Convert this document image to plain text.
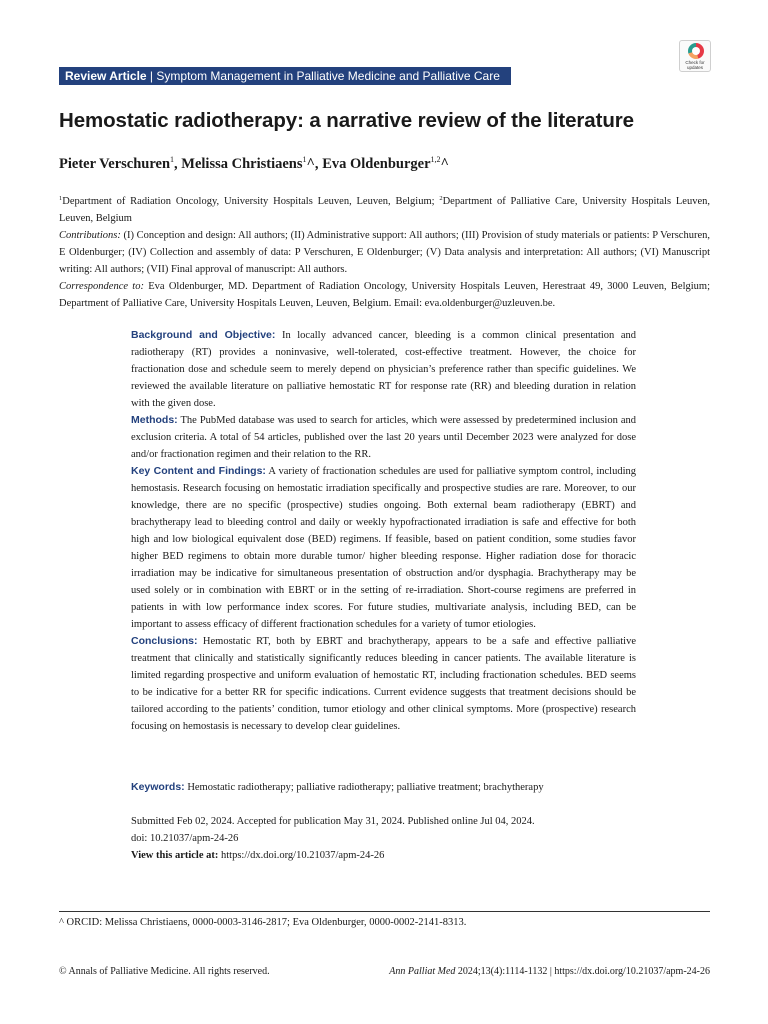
Review Article | Symptom Management in Palliative Medicine and Palliative Care
Check for updates
Hemostatic radiotherapy: a narrative review of the literature
Pieter Verschuren$^1$, Melissa Christiaens$^1$^, Eva Oldenburger$^{1,2}$^

$^1$Department of Radiation Oncology, University Hospitals Leuven, Leuven, Belgium; $^2$Department of Palliative Care, University Hospitals Leuven, Leuven, Belgium

Contributions: (I) Conception and design: All authors; (II) Administrative support: All authors; (III) Provision of study materials or patients: P Verschuren, E Oldenburger; (IV) Collection and assembly of data: P Verschuren, E Oldenburger; (V) Data analysis and interpretation: All authors; (VI) Manuscript writing: All authors; (VII) Final approval of manuscript: All authors.

Correspondence to: Eva Oldenburger, MD. Department of Radiation Oncology, University Hospitals Leuven, Herestraat 49, 3000 Leuven, Belgium; Department of Palliative Care, University Hospitals Leuven, Leuven, Belgium. Email: eva.oldenburger@uzleuven.be.

Background and Objective: In locally advanced cancer, bleeding is a common clinical presentation and radiotherapy (RT) provides a noninvasive, well-tolerated, cost-effective treatment. However, the choice for fractionation dose and schedule seem to merely depend on physician’s preference rather than specific guidelines. We reviewed the available literature on palliative hemostatic RT for response rate (RR) and bleeding duration in relation with the given dose.

Methods: The PubMed database was used to search for articles, which were assessed by predetermined inclusion and exclusion criteria. A total of 54 articles, published over the last 20 years until December 2023 were analyzed for dose and/or fractionation regimen and their relation to the RR.

Key Content and Findings: A variety of fractionation schedules are used for palliative symptom control, including hemostasis. Research focusing on hemostatic irradiation specifically and prospective studies are rare. Moreover, to our knowledge, there are no specific (prospective) studies ongoing. Both external beam radiotherapy (EBRT) and brachytherapy lead to bleeding control and daily or weekly hypofractionated irradiation is safe and effective for both high and low biological equivalent dose (BED) regimens. If feasible, based on patient condition, some studies favor higher BED regimens to obtain more durable tumor/ higher bleeding response. Higher radiation dose for thoracic irradiation may be indicative for simultaneous presentation of obstruction and/or dysphagia. Brachytherapy may be used solely or in combination with EBRT or in the setting of re-irradiation. Short-course regimens are preferred in patients in with low performance index scores. For future studies, multivariate analysis, including BED, can be important to assess efficacy of different fractionation schedules for a variety of tumor etiologies.

Conclusions: Hemostatic RT, both by EBRT and brachytherapy, appears to be a safe and effective palliative treatment that clinically and statistically significantly reduces bleeding in cancer patients. The available literature is limited regarding prospective and uniform evaluation of hemostatic RT, including fractionation schedules. BED seems to be indicative for a better RR for specific indications. Current evidence suggests that treatment decisions should be tailored according to the patients’ condition, tumor etiology and other clinical symptoms. More (prospective) research focusing on hemostasis is necessary to develop clear guidelines.

Keywords: Hemostatic radiotherapy; palliative radiotherapy; palliative treatment; brachytherapy
Submitted Feb 02, 2024. Accepted for publication May 31, 2024. Published online Jul 04, 2024.
doi: 10.21037/apm-24-26
View this article at: https://dx.doi.org/10.21037/apm-24-26
^ ORCID: Melissa Christiaens, 0000-0003-3146-2817; Eva Oldenburger, 0000-0002-2141-8313.
© Annals of Palliative Medicine. All rights reserved.	Ann Palliat Med 2024;13(4):1114-1132 | https://dx.doi.org/10.21037/apm-24-26
